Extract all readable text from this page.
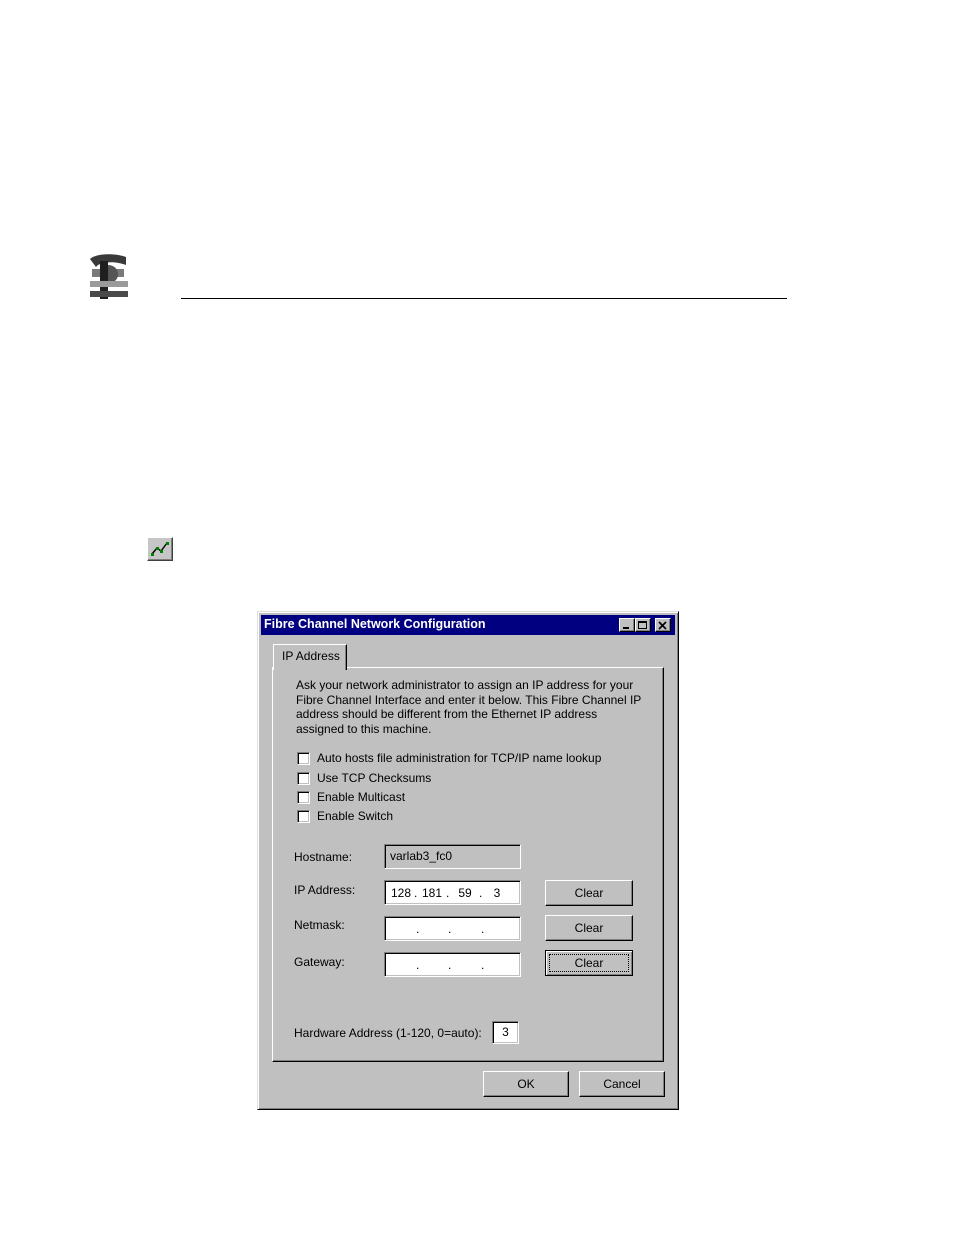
Fibre Channel Network Configuration
IP Address
Ask your network administrator to assign an IP address for your
Fibre Channel Interface and enter it below. This Fibre Channel IP
address should be different from the Ethernet IP address
assigned to this machine.
Auto hosts file administration for TCP/IP name lookup
Use TCP Checksums
Enable Multicast
Enable Switch
Hostname:	varlab3_fc0
IP Address:	128 . 181 . 59 . 3	Clear
Netmask:	. . .	Clear
Gateway:	. . .	Clear
Hardware Address (1-120, 0=auto):	3
OK	Cancel
